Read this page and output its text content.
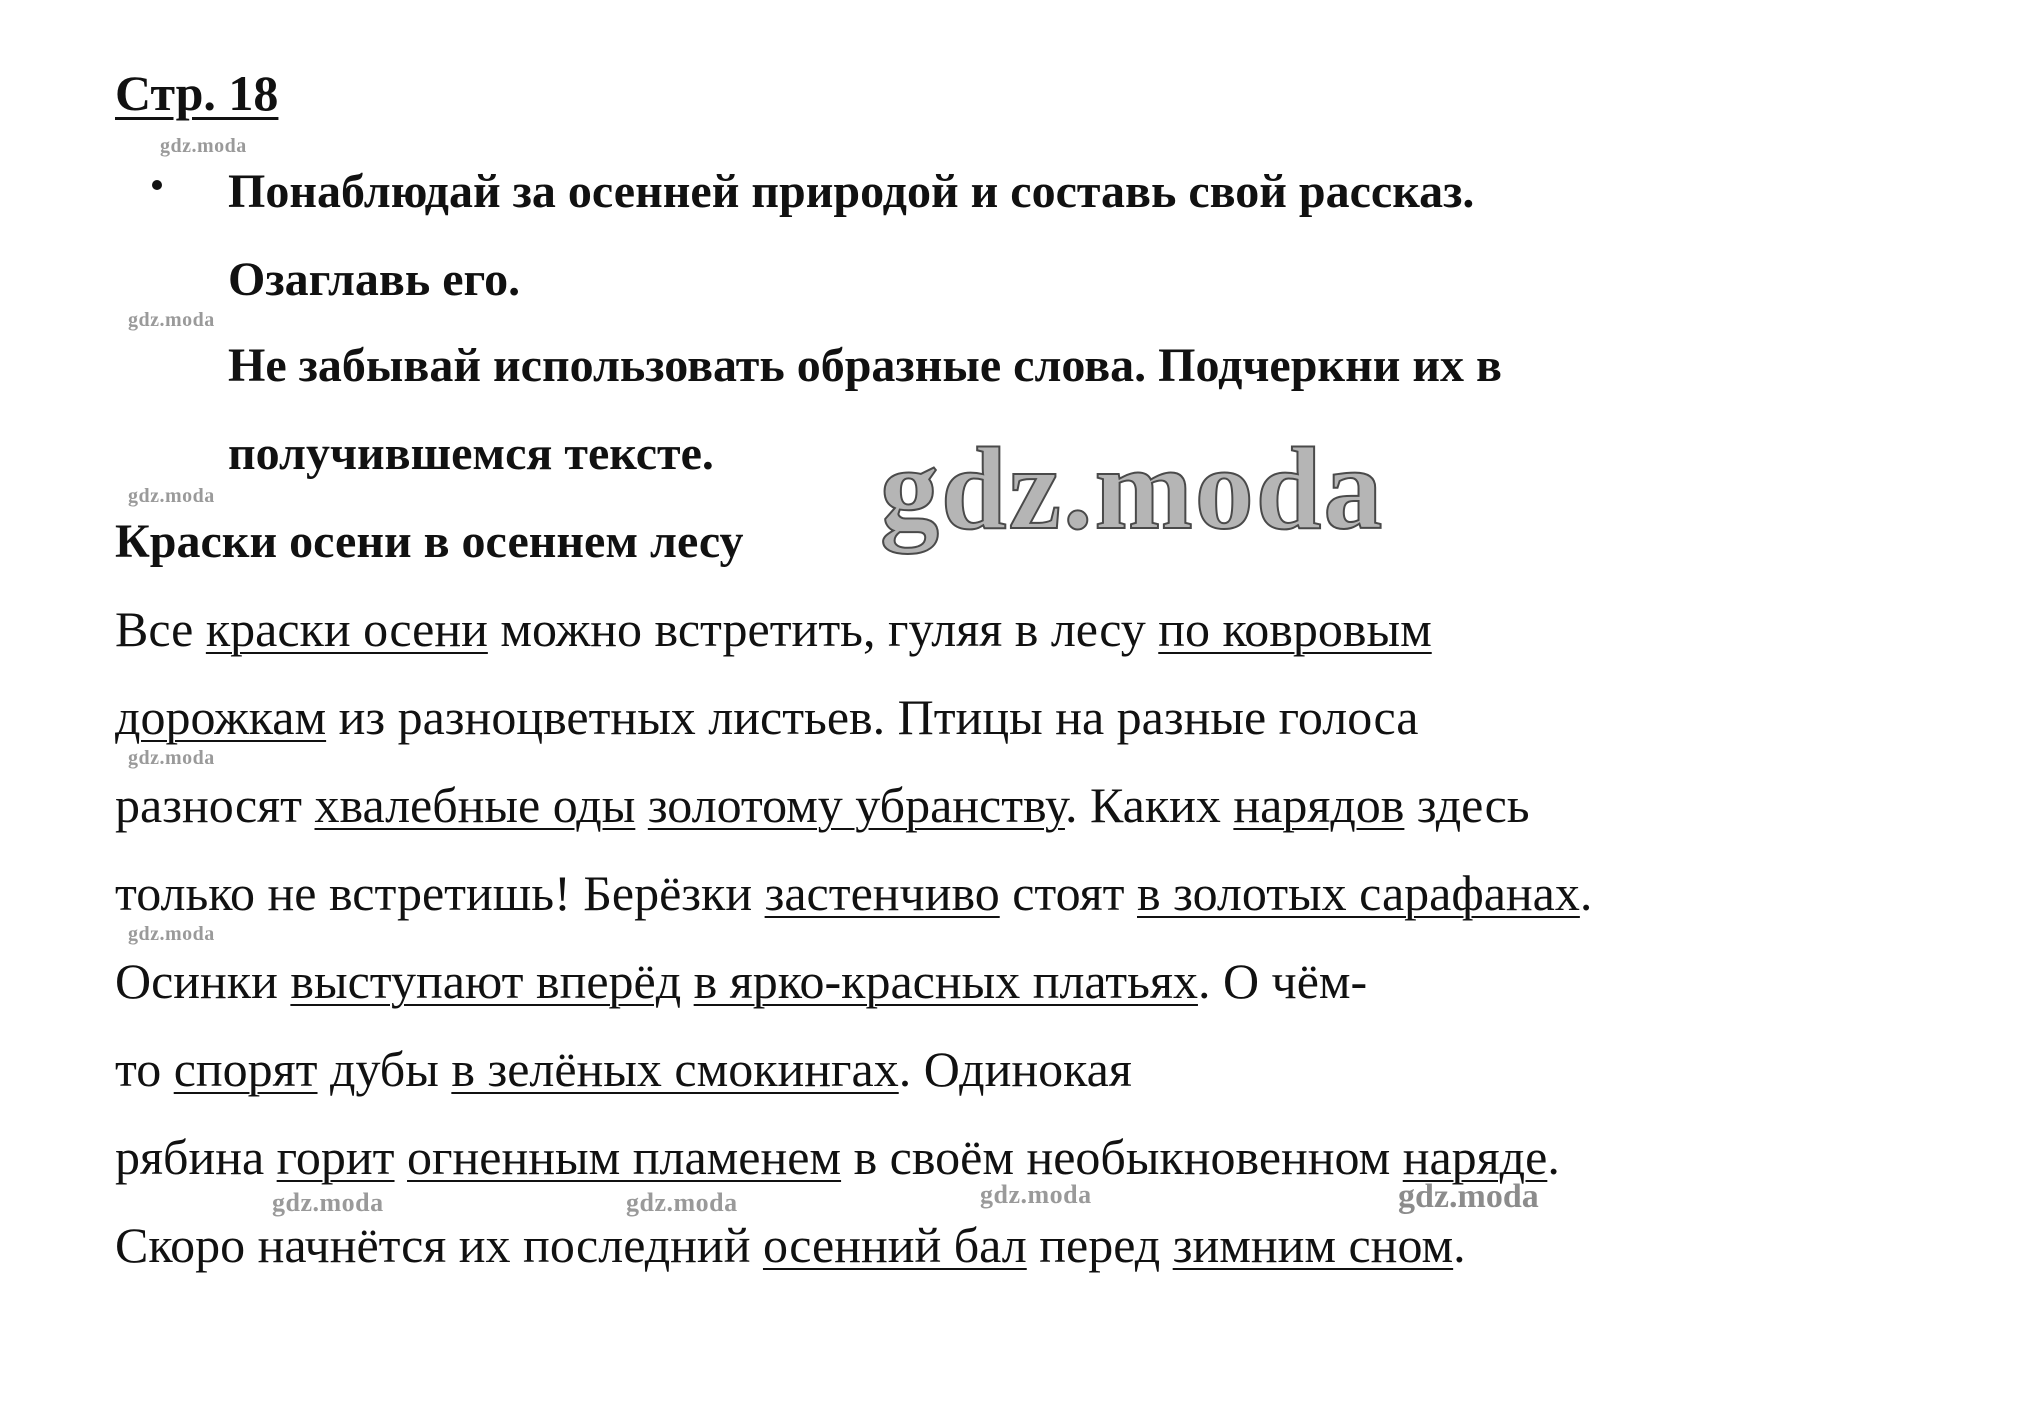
Стр. 18
gdz.moda
Понаблюдай за осенней природой и составь свой рассказ.
Озаглавь его.
gdz.moda
Не забывай использовать образные слова. Подчеркни их в
получившемся тексте.
gdz.moda	gdz.moda
Краски осени в осеннем лесу
Все краски осени можно встретить, гуляя в лесу по ковровым
дорожкам из разноцветных листьев. Птицы на разные голоса
gdz.moda
разносят хвалебные оды золотому убранству. Каких нарядов здесь
только не встретишь! Берёзки застенчиво стоят в золотых сарафанах.
gdz.moda
Осинки выступают вперёд в ярко-красных платьях. О чём-
то спорят дубы в зелёных смокингах. Одинокая
рябина горит огненным пламенем в своём необыкновенном наряде.
gdz.moda	gdz.moda	gdz.moda	gdz.moda
Скоро начнётся их последний осенний бал перед зимним сном.
